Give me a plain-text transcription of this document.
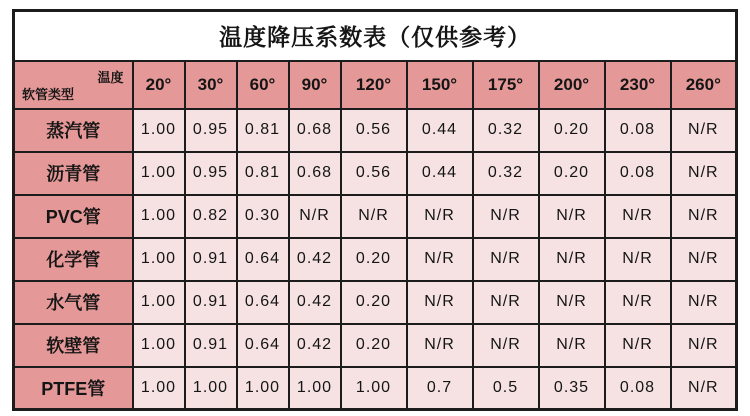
温度降压系数表（仅供参考）										

温度
软管类型	20°	30°	60°	90°	120°	150°	175°	200°	230°	260°
蒸汽管	1.00	0.95	0.81	0.68	0.56	0.44	0.32	0.20	0.08	N/R
沥青管	1.00	0.95	0.81	0.68	0.56	0.44	0.32	0.20	0.08	N/R
PVC管	1.00	0.82	0.30	N/R	N/R	N/R	N/R	N/R	N/R	N/R
化学管	1.00	0.91	0.64	0.42	0.20	N/R	N/R	N/R	N/R	N/R
水气管	1.00	0.91	0.64	0.42	0.20	N/R	N/R	N/R	N/R	N/R
软壁管	1.00	0.91	0.64	0.42	0.20	N/R	N/R	N/R	N/R	N/R
PTFE管	1.00	1.00	1.00	1.00	1.00	0.7	0.5	0.35	0.08	N/R
